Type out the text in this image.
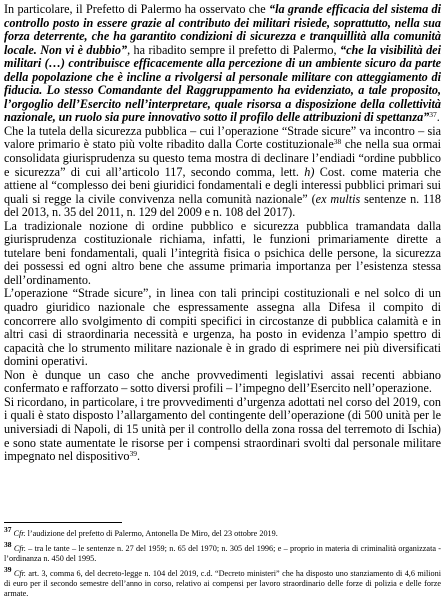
In particolare, il Prefetto di Palermo ha osservato che “la grande efficacia del sistema di controllo posto in essere grazie al contributo dei militari risiede, soprattutto, nella sua forza deterrente, che ha garantito condizioni di sicurezza e tranquillità alla comunità locale. Non vi è dubbio”, ha ribadito sempre il prefetto di Palermo, “che la visibilità dei militari (…) contribuisce efficacemente alla percezione di un ambiente sicuro da parte della popolazione che è incline a rivolgersi al personale militare con atteggiamento di fiducia. Lo stesso Comandante del Raggruppamento ha evidenziato, a tale proposito, l’orgoglio dell’Esercito nell’interpretare, quale risorsa a disposizione della collettività nazionale, un ruolo sia pure innovativo sotto il profilo delle attribuzioni di spettanza”$^{37}$.

Che la tutela della sicurezza pubblica – cui l’operazione “Strade sicure” va incontro – sia valore primario è stato più volte ribadito dalla Corte costituzionale$^{38}$ che nella sua ormai consolidata giurisprudenza su questo tema mostra di declinare l’endiadi “ordine pubblico e sicurezza” di cui all’articolo 117, secondo comma, lett. h) Cost. come materia che attiene al “complesso dei beni giuridici fondamentali e degli interessi pubblici primari sui quali si regge la civile convivenza nella comunità nazionale” (ex multis sentenze n. 118 del 2013, n. 35 del 2011, n. 129 del 2009 e n. 108 del 2017).

La tradizionale nozione di ordine pubblico e sicurezza pubblica tramandata dalla giurisprudenza costituzionale richiama, infatti, le funzioni primariamente dirette a tutelare beni fondamentali, quali l’integrità fisica o psichica delle persone, la sicurezza dei possessi ed ogni altro bene che assume primaria importanza per l’esistenza stessa dell’ordinamento.

L’operazione “Strade sicure”, in linea con tali principi costituzionali e nel solco di un quadro giuridico nazionale che espressamente assegna alla Difesa il compito di concorrere allo svolgimento di compiti specifici in circostanze di pubblica calamità e in altri casi di straordinaria necessità e urgenza, ha posto in evidenza l’ampio spettro di capacità che lo strumento militare nazionale è in grado di esprimere nei più diversificati domini operativi.

Non è dunque un caso che anche provvedimenti legislativi assai recenti abbiano confermato e rafforzato – sotto diversi profili – l’impegno dell’Esercito nell’operazione.

Si ricordano, in particolare, i tre provvedimenti d’urgenza adottati nel corso del 2019, con i quali è stato disposto l’allargamento del contingente dell’operazione (di 500 unità per le universiadi di Napoli, di 15 unità per il controllo della zona rossa del terremoto di Ischia) e sono state aumentate le risorse per i compensi straordinari svolti dal personale militare impegnato nel dispositivo$^{39}$.

$^{37}$ Cfr. l’audizione del prefetto di Palermo, Antonella De Miro, del 23 ottobre 2019.

$^{38}$ Cfr. – tra le tante – le sentenze n. 27 del 1959; n. 65 del 1970; n. 305 del 1996; e – proprio in materia di criminalità organizzata - l’ordinanza n. 450 del 1995.

$^{39}$ Cfr. art. 3, comma 6, del decreto-legge n. 104 del 2019, c.d. “Decreto ministeri” che ha disposto uno stanziamento di 4,6 milioni di euro per il secondo semestre dell’anno in corso, relativo ai compensi per lavoro straordinario delle forze di polizia e delle forze armate.
